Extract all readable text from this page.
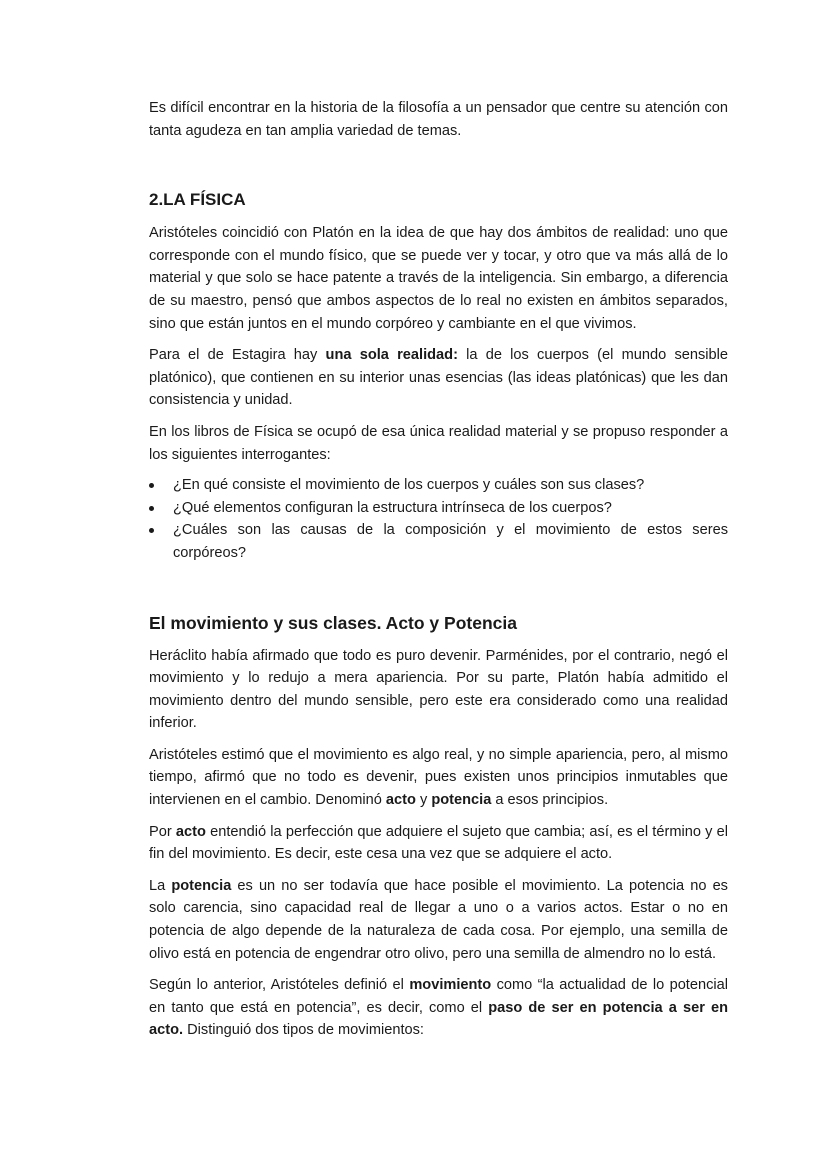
Es difícil encontrar en la historia de la filosofía a un pensador que centre su atención con tanta agudeza en tan amplia variedad de temas.

2.LA FÍSICA

Aristóteles coincidió con Platón en la idea de que hay dos ámbitos de realidad: uno que corresponde con el mundo físico, que se puede ver y tocar, y otro que va más allá de lo material y que solo se hace patente a través de la inteligencia. Sin embargo, a diferencia de su maestro, pensó que ambos aspectos de lo real no existen en ámbitos separados, sino que están juntos en el mundo corpóreo y cambiante en el que vivimos.

Para el de Estagira hay una sola realidad: la de los cuerpos (el mundo sensible platónico), que contienen en su interior unas esencias (las ideas platónicas) que les dan consistencia y unidad.

En los libros de Física se ocupó de esa única realidad material y se propuso responder a los siguientes interrogantes:

¿En qué consiste el movimiento de los cuerpos y cuáles son sus clases?
¿Qué elementos configuran la estructura intrínseca de los cuerpos?
¿Cuáles son las causas de la composición y el movimiento de estos seres corpóreos?
El movimiento y sus clases. Acto y Potencia

Heráclito había afirmado que todo es puro devenir. Parménides, por el contrario, negó el movimiento y lo redujo a mera apariencia. Por su parte, Platón había admitido el movimiento dentro del mundo sensible, pero este era considerado como una realidad inferior.

Aristóteles estimó que el movimiento es algo real, y no simple apariencia, pero, al mismo tiempo, afirmó que no todo es devenir, pues existen unos principios inmutables que intervienen en el cambio. Denominó acto y potencia a esos principios.

Por acto entendió la perfección que adquiere el sujeto que cambia; así, es el término y el fin del movimiento. Es decir, este cesa una vez que se adquiere el acto.

La potencia es un no ser todavía que hace posible el movimiento. La potencia no es solo carencia, sino capacidad real de llegar a uno o a varios actos. Estar o no en potencia de algo depende de la naturaleza de cada cosa. Por ejemplo, una semilla de olivo está en potencia de engendrar otro olivo, pero una semilla de almendro no lo está.

Según lo anterior, Aristóteles definió el movimiento como “la actualidad de lo potencial en tanto que está en potencia”, es decir, como el paso de ser en potencia a ser en acto. Distinguió dos tipos de movimientos:
